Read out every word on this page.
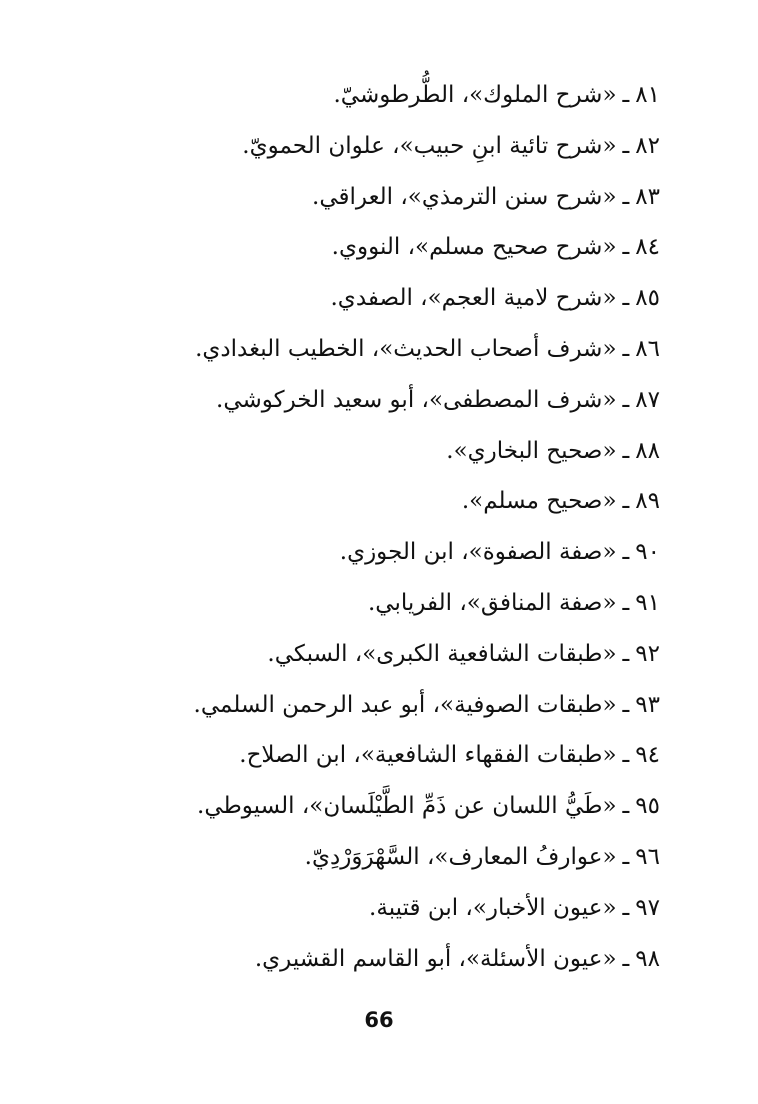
٨١ـ«شرح الملوك»، الطُّرطوشيّ.
٨٢ـ«شرح تائية ابنِ حبيب»، علوان الحمويّ.
٨٣ـ«شرح سنن الترمذي»، العراقي.
٨٤ـ«شرح صحيح مسلم»، النووي.
٨٥ـ«شرح لامية العجم»، الصفدي.
٨٦ـ«شرف أصحاب الحديث»، الخطيب البغدادي.
٨٧ـ«شرف المصطفى»، أبو سعيد الخركوشي.
٨٨ـ«صحيح البخاري».
٨٩ـ«صحيح مسلم».
٩٠ـ«صفة الصفوة»، ابن الجوزي.
٩١ـ«صفة المنافق»، الفريابي.
٩٢ـ«طبقات الشافعية الكبرى»، السبكي.
٩٣ـ«طبقات الصوفية»، أبو عبد الرحمن السلمي.
٩٤ـ«طبقات الفقهاء الشافعية»، ابن الصلاح.
٩٥ـ«طَيُّ اللسان عن ذَمِّ الطَّيْلَسان»، السيوطي.
٩٦ـ«عوارفُ المعارف»، السَّهْرَوَرْدِيّ.
٩٧ـ«عيون الأخبار»، ابن قتيبة.
٩٨ـ«عيون الأسئلة»، أبو القاسم القشيري.
66
